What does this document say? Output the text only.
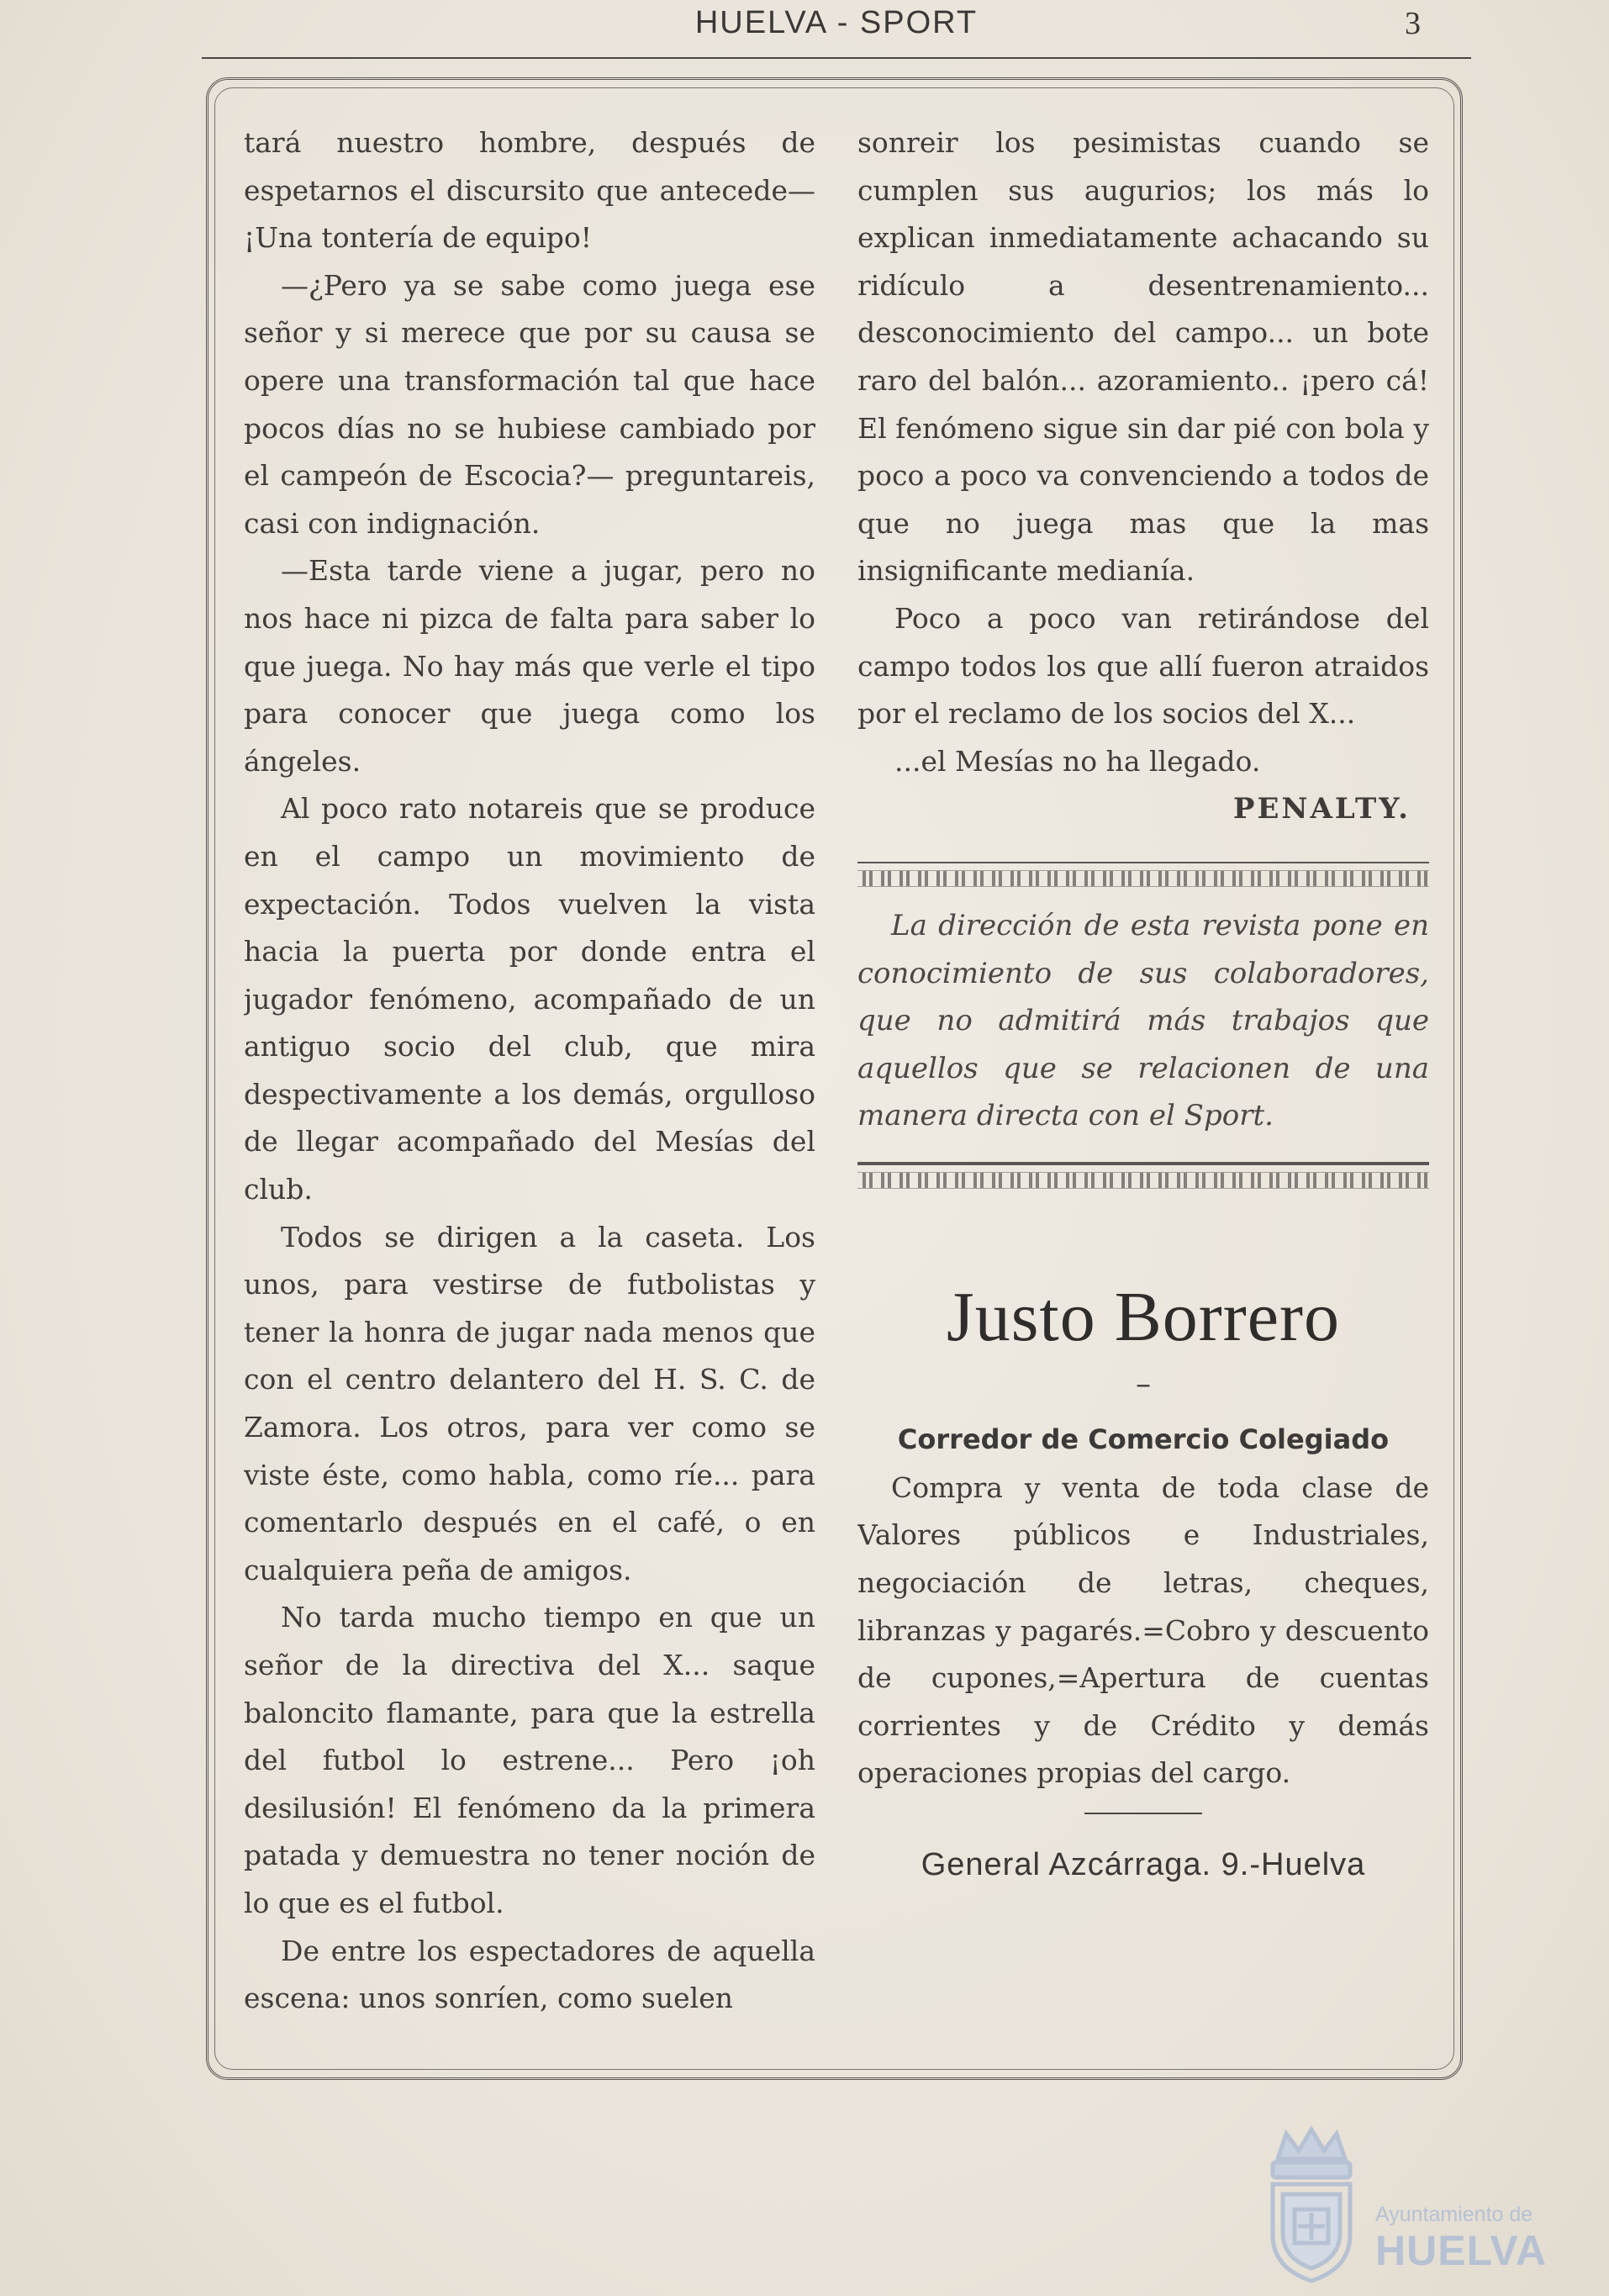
HUELVA - SPORT	3

tará nuestro hombre, después de espetarnos el discursito que antecede— ¡Una tontería de equipo!

—¿Pero ya se sabe como juega ese señor y si merece que por su causa se opere una transformación tal que hace pocos días no se hubiese cambiado por el campeón de Escocia?— preguntareis, casi con indignación.

—Esta tarde viene a jugar, pero no nos hace ni pizca de falta para saber lo que juega. No hay más que verle el tipo para conocer que juega como los ángeles.

Al poco rato notareis que se produce en el campo un movimiento de expectación. Todos vuelven la vista hacia la puerta por donde entra el jugador fenómeno, acompañado de un antiguo socio del club, que mira despectivamente a los demás, orgulloso de llegar acompañado del Mesías del club.

Todos se dirigen a la caseta. Los unos, para vestirse de futbolistas y tener la honra de jugar nada menos que con el centro delantero del H. S. C. de Zamora. Los otros, para ver como se viste éste, como habla, como ríe... para comentarlo después en el café, o en cualquiera peña de amigos.

No tarda mucho tiempo en que un señor de la directiva del X... saque baloncito flamante, para que la estrella del futbol lo estrene... Pero ¡oh desilusión! El fenómeno da la primera patada y demuestra no tener noción de lo que es el futbol.

De entre los espectadores de aquella escena: unos sonríen, como suelen

sonreir los pesimistas cuando se cumplen sus augurios; los más lo explican inmediatamente achacando su ridículo a desentrenamiento... desconocimiento del campo... un bote raro del balón... azoramiento.. ¡pero cá! El fenómeno sigue sin dar pié con bola y poco a poco va convenciendo a todos de que no juega mas que la mas insignificante medianía.

Poco a poco van retirándose del campo todos los que allí fueron atraidos por el reclamo de los socios del X...

...el Mesías no ha llegado.

PENALTY.

La dirección de esta revista pone en conocimiento de sus colaboradores, que no admitirá más trabajos que aquellos que se relacionen de una manera directa con el Sport.

Justo Borrero

–

Corredor de Comercio Colegiado

Compra y venta de toda clase de Valores públicos e Industriales, negociación de letras, cheques, libranzas y pagarés.=Cobro y descuento de cupones,=Apertura de cuentas corrientes y de Crédito y demás operaciones propias del cargo.

General Azcárraga. 9.-Huelva

Ayuntamiento de
HUELVA
